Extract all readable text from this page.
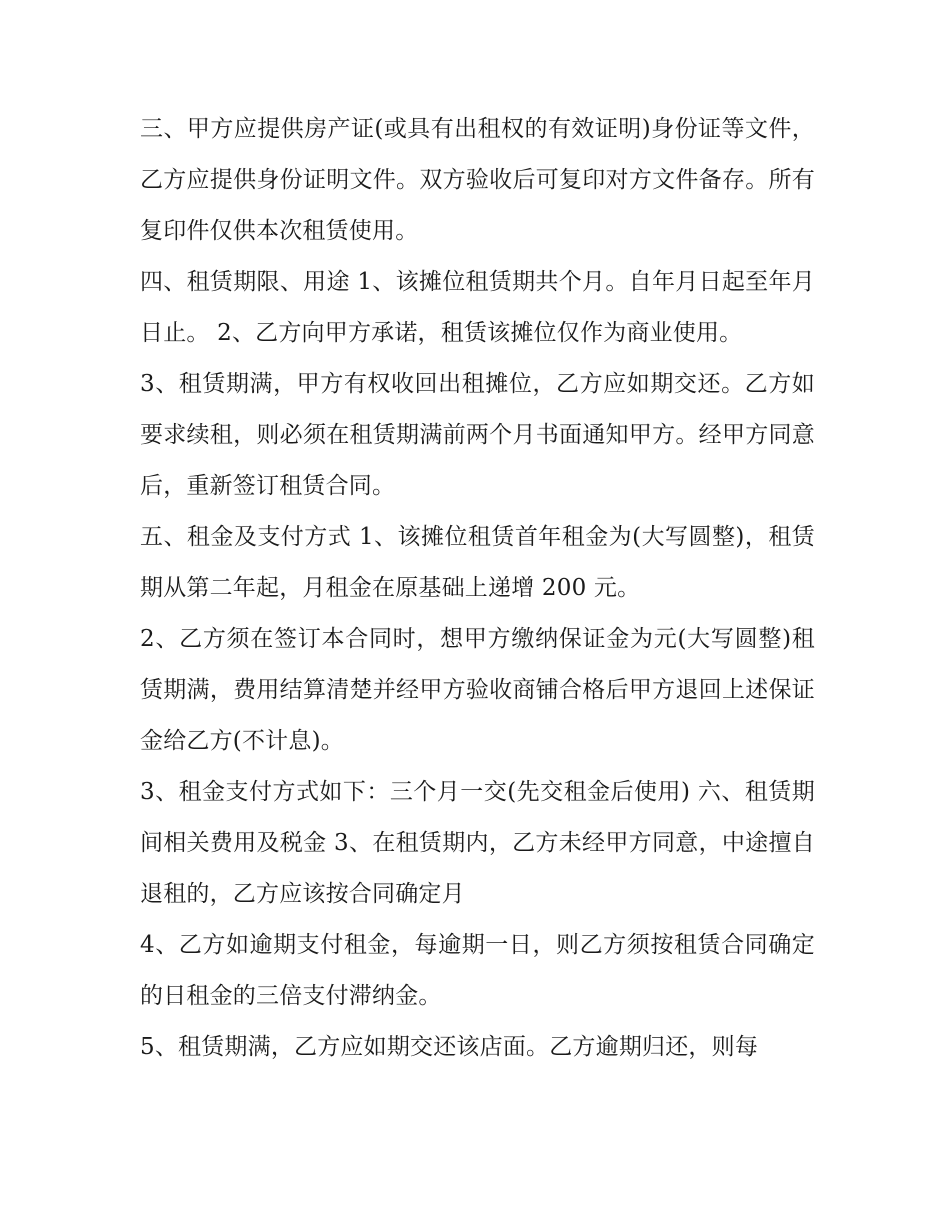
三、甲方应提供房产证(或具有出租权的有效证明)身份证等文件，乙方应提供身份证明文件。双方验收后可复印对方文件备存。所有复印件仅供本次租赁使用。

四、租赁期限、用途 1、该摊位租赁期共个月。自年月日起至年月日止。 2、乙方向甲方承诺，租赁该摊位仅作为商业使用。

3、租赁期满，甲方有权收回出租摊位，乙方应如期交还。乙方如要求续租，则必须在租赁期满前两个月书面通知甲方。经甲方同意后，重新签订租赁合同。

五、租金及支付方式 1、该摊位租赁首年租金为(大写圆整)，租赁期从第二年起，月租金在原基础上递增 200 元。

2、乙方须在签订本合同时，想甲方缴纳保证金为元(大写圆整)租赁期满，费用结算清楚并经甲方验收商铺合格后甲方退回上述保证金给乙方(不计息)。

3、租金支付方式如下：三个月一交(先交租金后使用) 六、租赁期间相关费用及税金 3、在租赁期内，乙方未经甲方同意，中途擅自退租的，乙方应该按合同确定月

4、乙方如逾期支付租金，每逾期一日，则乙方须按租赁合同确定的日租金的三倍支付滞纳金。

5、租赁期满，乙方应如期交还该店面。乙方逾期归还，则每
